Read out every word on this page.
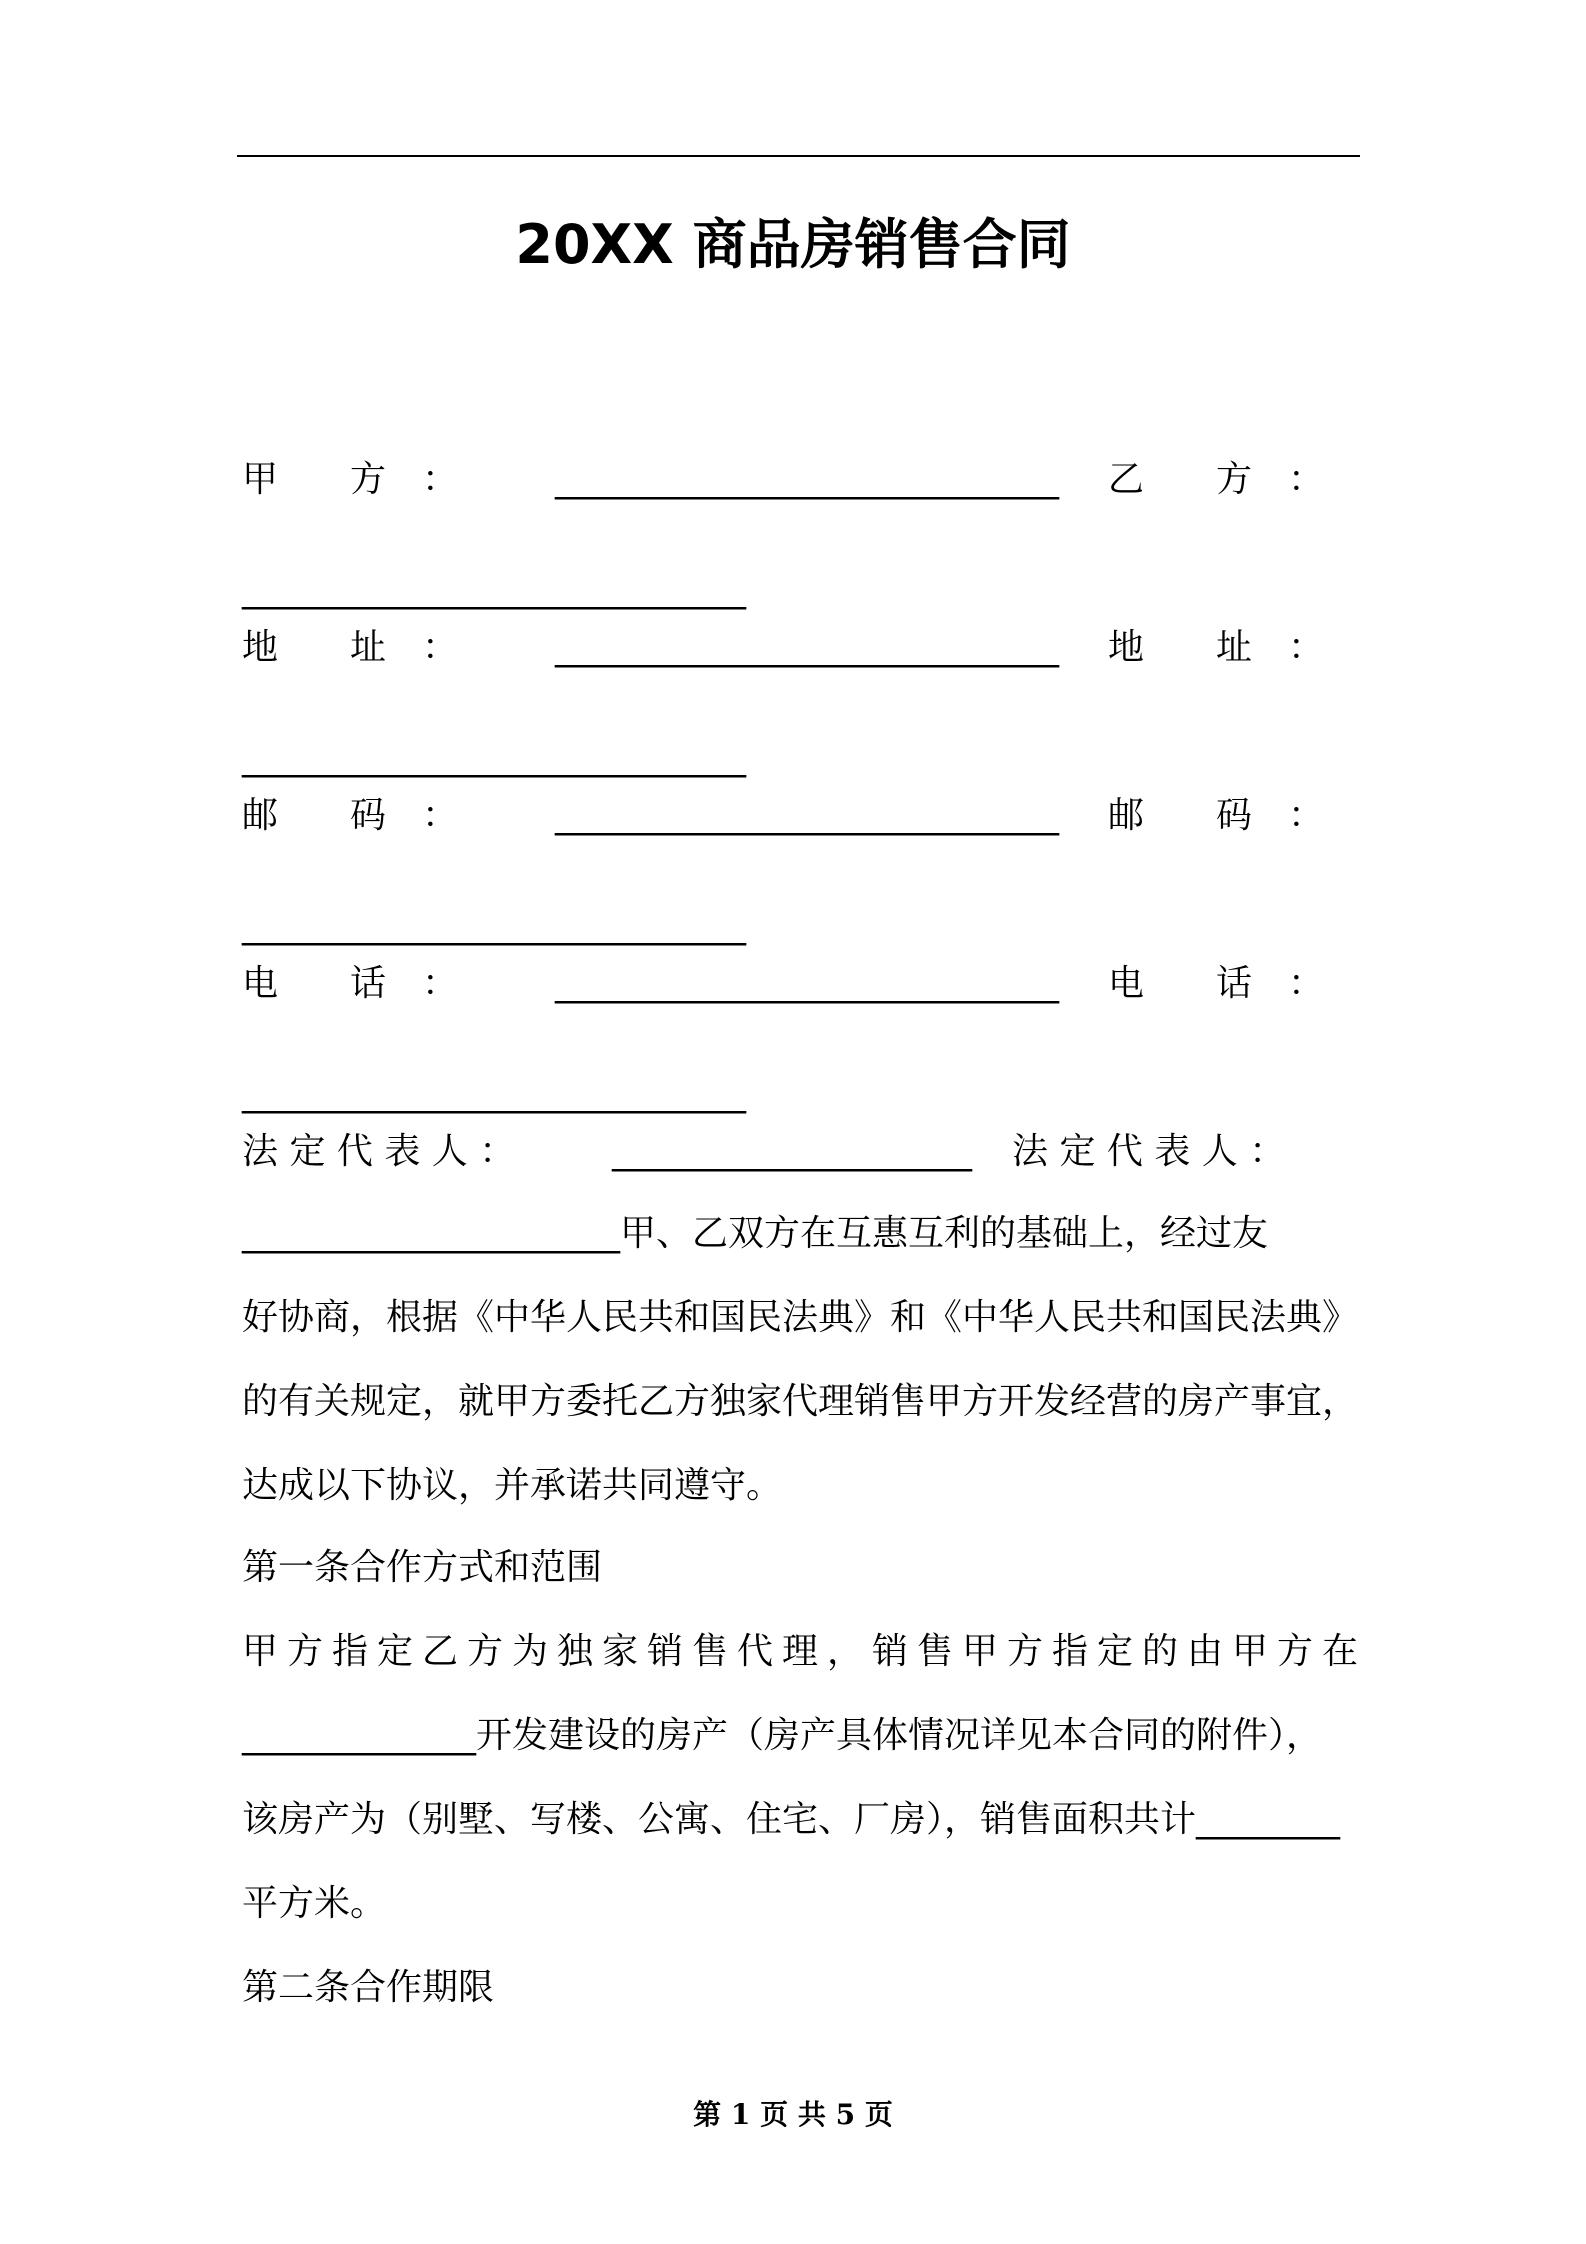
20XX 商品房销售合同
甲　　方　：	____________________________ 乙　　方　：
____________________________
地　　址　：	____________________________ 地　　址　：
____________________________
邮　　码　：	____________________________ 邮　　码　：
____________________________
电　　话　：	____________________________ 电　　话　：
____________________________
法 定 代 表 人 ：	____________________ 法 定 代 表 人 ：
_____________________甲、乙双方在互惠互利的基础上，经过友
好协商，根据《中华人民共和国民法典》和《中华人民共和国民法典》
的有关规定，就甲方委托乙方独家代理销售甲方开发经营的房产事宜，
达成以下协议，并承诺共同遵守。
第一条合作方式和范围
甲方指定乙方为独家销售代理，销售甲方指定的由甲方在
_____________开发建设的房产（房产具体情况详见本合同的附件），
该房产为（别墅、写楼、公寓、住宅、厂房），销售面积共计________
平方米。
第二条合作期限
第 1 页 共 5 页
